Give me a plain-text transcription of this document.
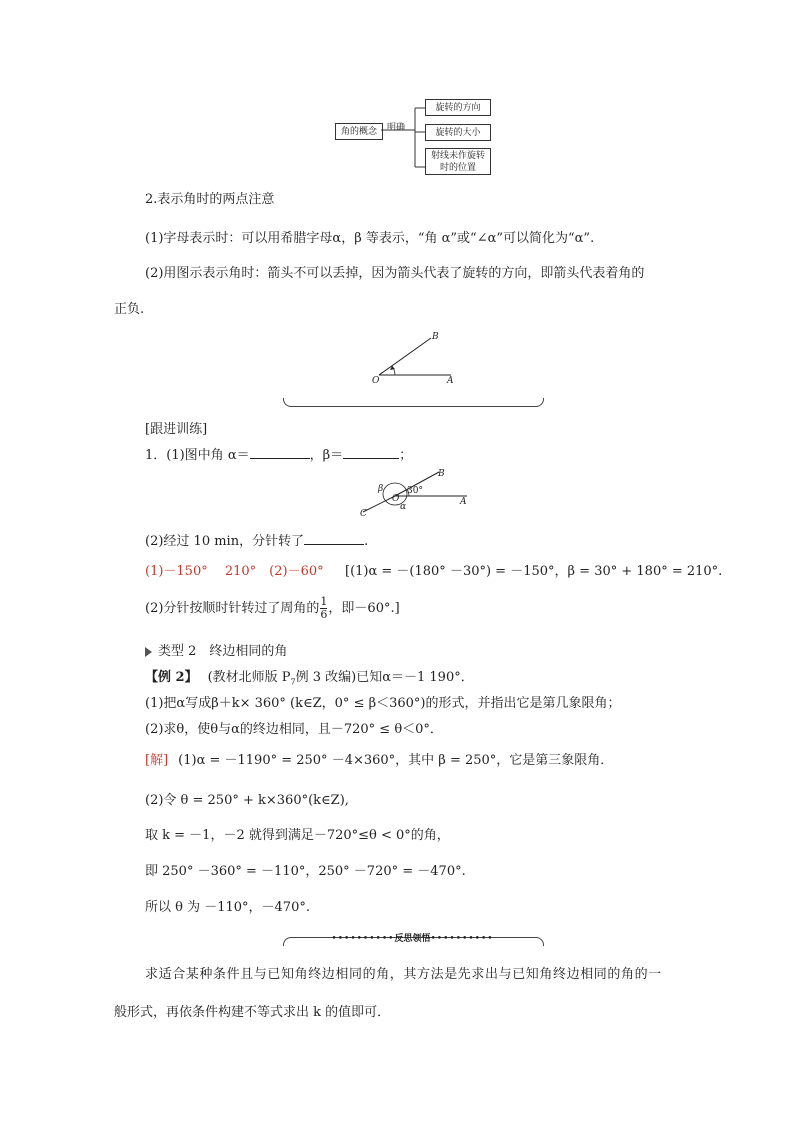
角的概念	明确
旋转的方向
旋转的大小
射线未作旋转
时的位置
2.表示角时的两点注意
(1)字母表示时：可以用希腊字母α，β 等表示，“角 α”或“∠α”可以简化为“α”.
(2)用图示表示角时：箭头不可以丢掉，因为箭头代表了旋转的方向，即箭头代表着角的
正负.
O	A
B
[跟进训练]
1．(1)图中角 α＝	，β＝	；
B
A
C
O
β
α
30°
(2)经过 10 min，分针转了	.
(1)－150°　 210°　(2)－60° [(1)α = －(180° －30°) = －150°，β = 30° + 180° = 210°.
(2)分针按顺时针转过了周角的 $\frac{1}{6}$ ，即－60°.]
类型 2　终边相同的角
【例 2】 (教材北师版 $P_7$例 3 改编)已知α＝－1 190°．
(1)把α写成β＋k× 360° (k∈Z，0° ≤ β＜360°)的形式，并指出它是第几象限角；
(2)求θ，使θ与α的终边相同，且－720° ≤ θ＜0°．
[解] (1)α = －1190° = 250° －4×360°，其中 β = 250°，它是第三象限角．
(2)令 θ = 250° + k×360°(k∈Z),
取 k = －1，－2 就得到满足－720°≤θ < 0°的角，
即 250° －360° = －110°，250° －720° = －470°.
所以 θ 为 －110°，－470°.
••••••••••反思领悟••••••••••
求适合某种条件且与已知角终边相同的角，其方法是先求出与已知角终边相同的角的一
般形式，再依条件构建不等式求出 k 的值即可．
